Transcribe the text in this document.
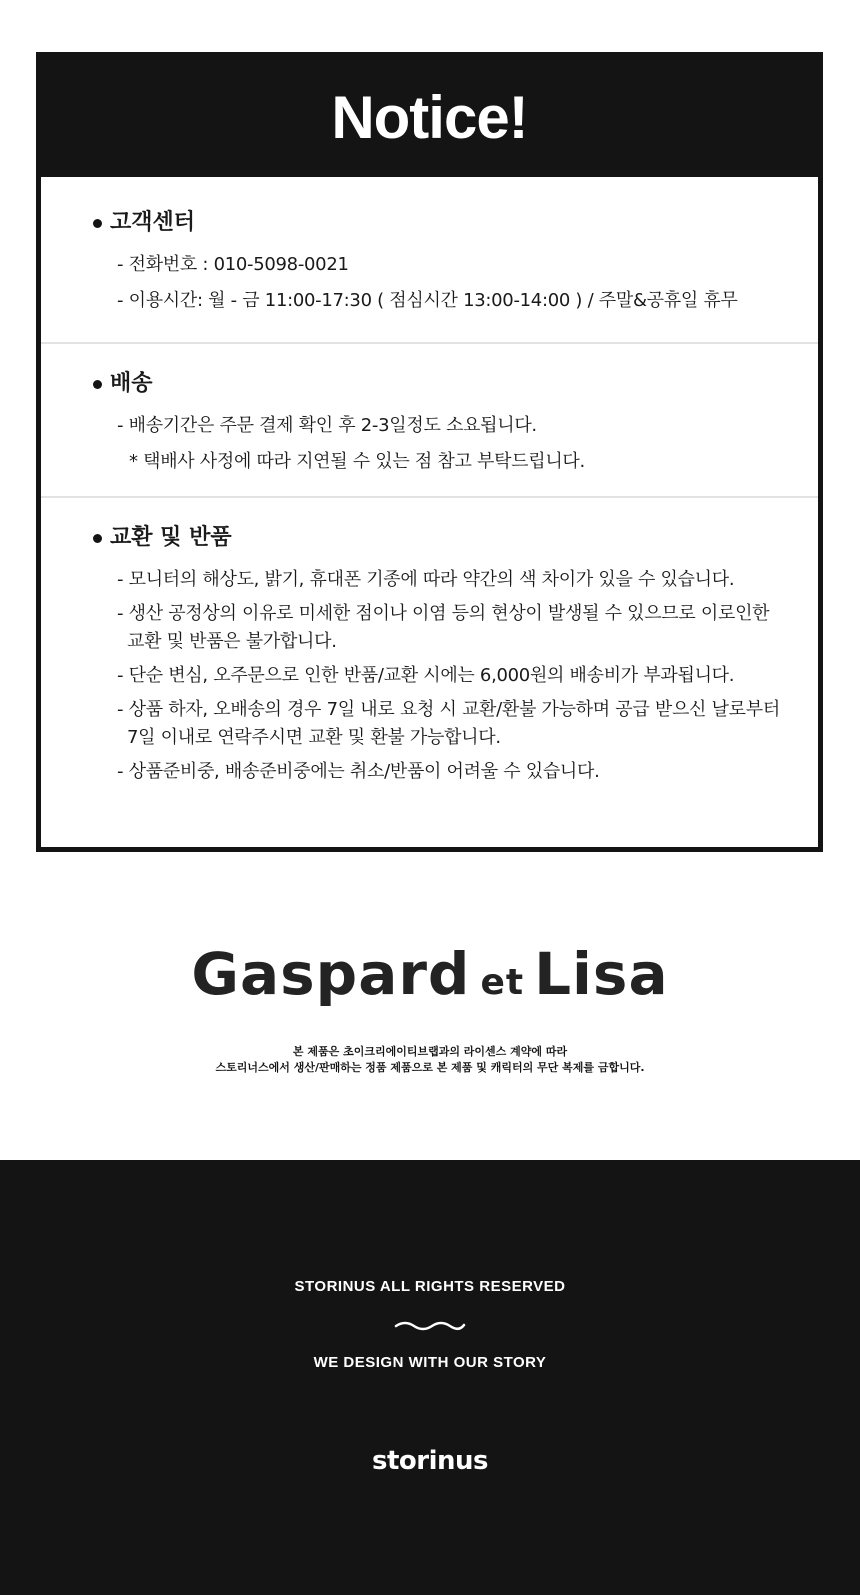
Notice!
고객센터
- 전화번호 : 010-5098-0021
- 이용시간: 월 - 금 11:00-17:30 ( 점심시간 13:00-14:00 ) / 주말&공휴일 휴무
배송
- 배송기간은 주문 결제 확인 후 2-3일정도 소요됩니다.
* 택배사 사정에 따라 지연될 수 있는 점 참고 부탁드립니다.
교환 및 반품
- 모니터의 해상도, 밝기, 휴대폰 기종에 따라 약간의 색 차이가 있을 수 있습니다.
- 생산 공정상의 이유로 미세한 점이나 이염 등의 현상이 발생될 수 있으므로 이로인한
교환 및 반품은 불가합니다.
- 단순 변심, 오주문으로 인한 반품/교환 시에는 6,000원의 배송비가 부과됩니다.
- 상품 하자, 오배송의 경우 7일 내로 요청 시 교환/환불 가능하며 공급 받으신 날로부터
7일 이내로 연락주시면 교환 및 환불 가능합니다.
- 상품준비중, 배송준비중에는 취소/반품이 어려울 수 있습니다.
Gaspard et Lisa
본 제품은 초이크리에이티브랩과의 라이센스 계약에 따라
스토리너스에서 생산/판매하는 정품 제품으로 본 제품 및 캐릭터의 무단 복제를 금합니다.
STORINUS ALL RIGHTS RESERVED
WE DESIGN WITH OUR STORY
storinus
